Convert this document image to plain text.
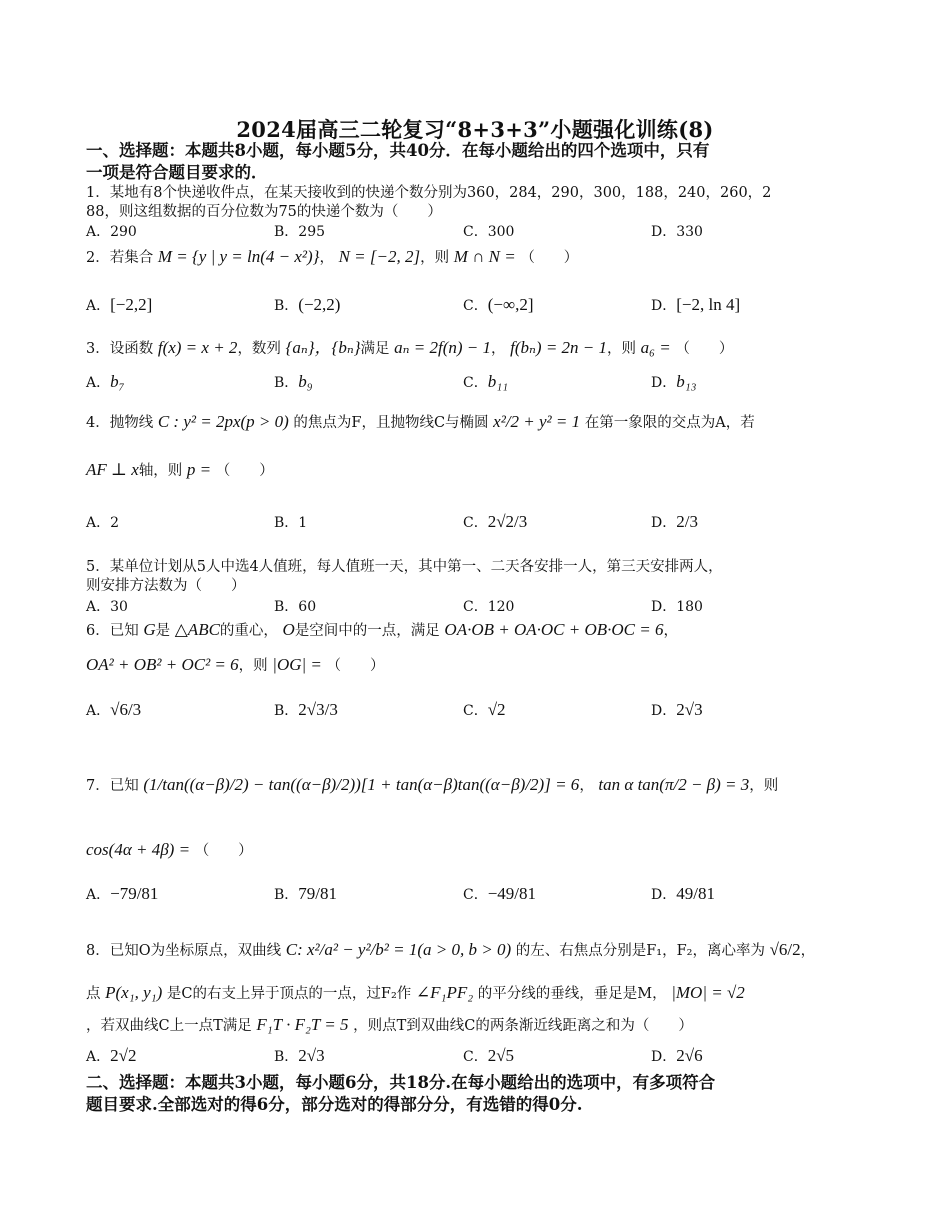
2024届高三二轮复习“8+3+3”小题强化训练(8)
一、选择题：本题共8小题，每小题5分，共40分．在每小题给出的四个选项中，只有
一项是符合题目要求的．
1．某地有8个快递收件点，在某天接收到的快递个数分别为360，284，290，300，188，240，260，2
88，则这组数据的百分位数为75的快递个数为（　　）
A．290	B．295	C．300	D．330
2．若集合 M = {y | y = ln(4 − x²)}， N = [−2, 2]，则 M ∩ N = （　　）
A．[−2,2]	B．(−2,2)	C．(−∞,2]	D．[−2, ln 4]
3．设函数 f(x) = x + 2，数列 {aₙ}，{bₙ}满足 aₙ = 2f(n) − 1， f(bₙ) = 2n − 1，则 a₆ = （　　）
A．b₇	B．b₉	C．b₁₁	D．b₁₃
4．抛物线 C : y² = 2px(p > 0) 的焦点为F，且抛物线C与椭圆 x²/2 + y² = 1 在第一象限的交点为A，若
AF ⊥ x轴，则 p = （　　）
A．2	B．1	C．2√2/3	D．2/3
5．某单位计划从5人中选4人值班，每人值班一天，其中第一、二天各安排一人，第三天安排两人，
则安排方法数为（　　）
A．30	B．60	C．120	D．180
6．已知 G是 △ABC的重心， O是空间中的一点，满足 OA·OB + OA·OC + OB·OC = 6，
OA² + OB² + OC² = 6，则 |OG| = （　　）
A．√6/3	B．2√3/3	C．√2	D．2√3
7．已知 (1/tan((α−β)/2) − tan((α−β)/2))[1 + tan(α−β)tan((α−β)/2)] = 6， tan α tan(π/2 − β) = 3，则
cos(4α + 4β) = （　　）
A．−79/81	B．79/81	C．−49/81	D．49/81
8．已知O为坐标原点，双曲线 C: x²/a² − y²/b² = 1(a > 0, b > 0) 的左、右焦点分别是F₁，F₂，离心率为 √6/2，
点 P(x₁, y₁) 是C的右支上异于顶点的一点，过F₂作 ∠F₁PF₂ 的平分线的垂线，垂足是M， |MO| = √2
，若双曲线C上一点T满足 F₁T · F₂T = 5 ，则点T到双曲线C的两条渐近线距离之和为（　　）
A．2√2	B．2√3	C．2√5	D．2√6
二、选择题：本题共3小题，每小题6分，共18分.在每小题给出的选项中，有多项符合
题目要求.全部选对的得6分，部分选对的得部分分，有选错的得0分.
